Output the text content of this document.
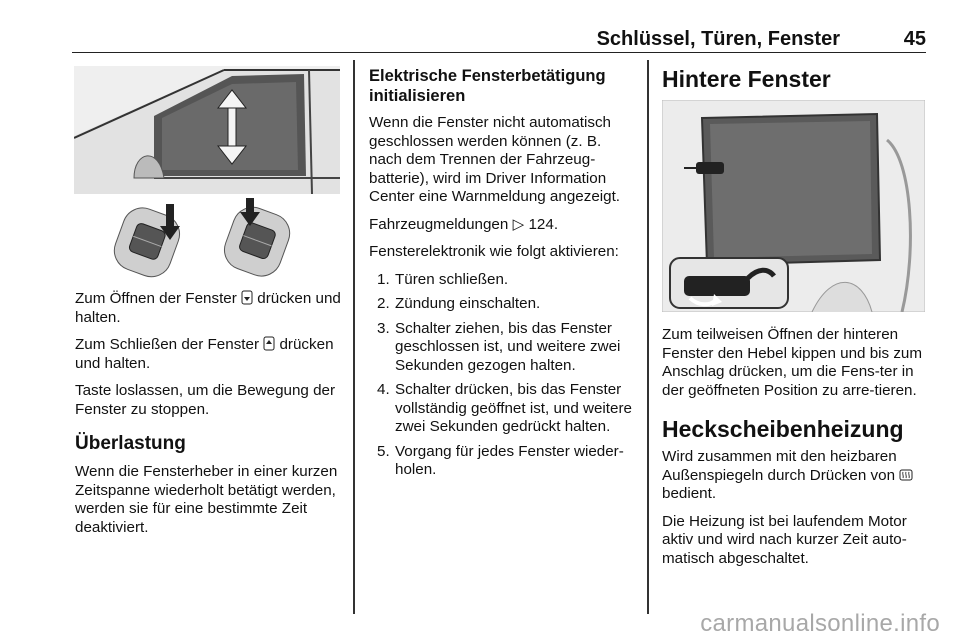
Schlüssel, Türen, Fenster	45

Zum Öffnen der Fenster drücken und halten.

Zum Schließen der Fenster drücken und halten.

Taste loslassen, um die Bewegung der Fenster zu stoppen.

Überlastung

Wenn die Fensterheber in einer kurzen Zeitspanne wiederholt betätigt werden, werden sie für eine bestimmte Zeit deaktiviert.

Elektrische Fensterbetätigung initialisieren

Wenn die Fenster nicht automatisch geschlossen werden können (z. B. nach dem Trennen der Fahrzeug-batterie), wird im Driver Information Center eine Warnmeldung angezeigt.

Fahrzeugmeldungen ▷ 124.

Fensterelektronik wie folgt aktivieren:

1. Türen schließen.
2. Zündung einschalten.
3. Schalter ziehen, bis das Fenster geschlossen ist, und weitere zwei Sekunden gezogen halten.
4. Schalter drücken, bis das Fenster vollständig geöffnet ist, und weitere zwei Sekunden gedrückt halten.
5. Vorgang für jedes Fenster wieder-holen.
Hintere Fenster

Zum teilweisen Öffnen der hinteren Fenster den Hebel kippen und bis zum Anschlag drücken, um die Fens-ter in der geöffneten Position zu arre-tieren.

Heckscheibenheizung

Wird zusammen mit den heizbaren Außenspiegeln durch Drücken von  bedient.

Die Heizung ist bei laufendem Motor aktiv und wird nach kurzer Zeit auto-matisch abgeschaltet.

carmanualsonline.info
